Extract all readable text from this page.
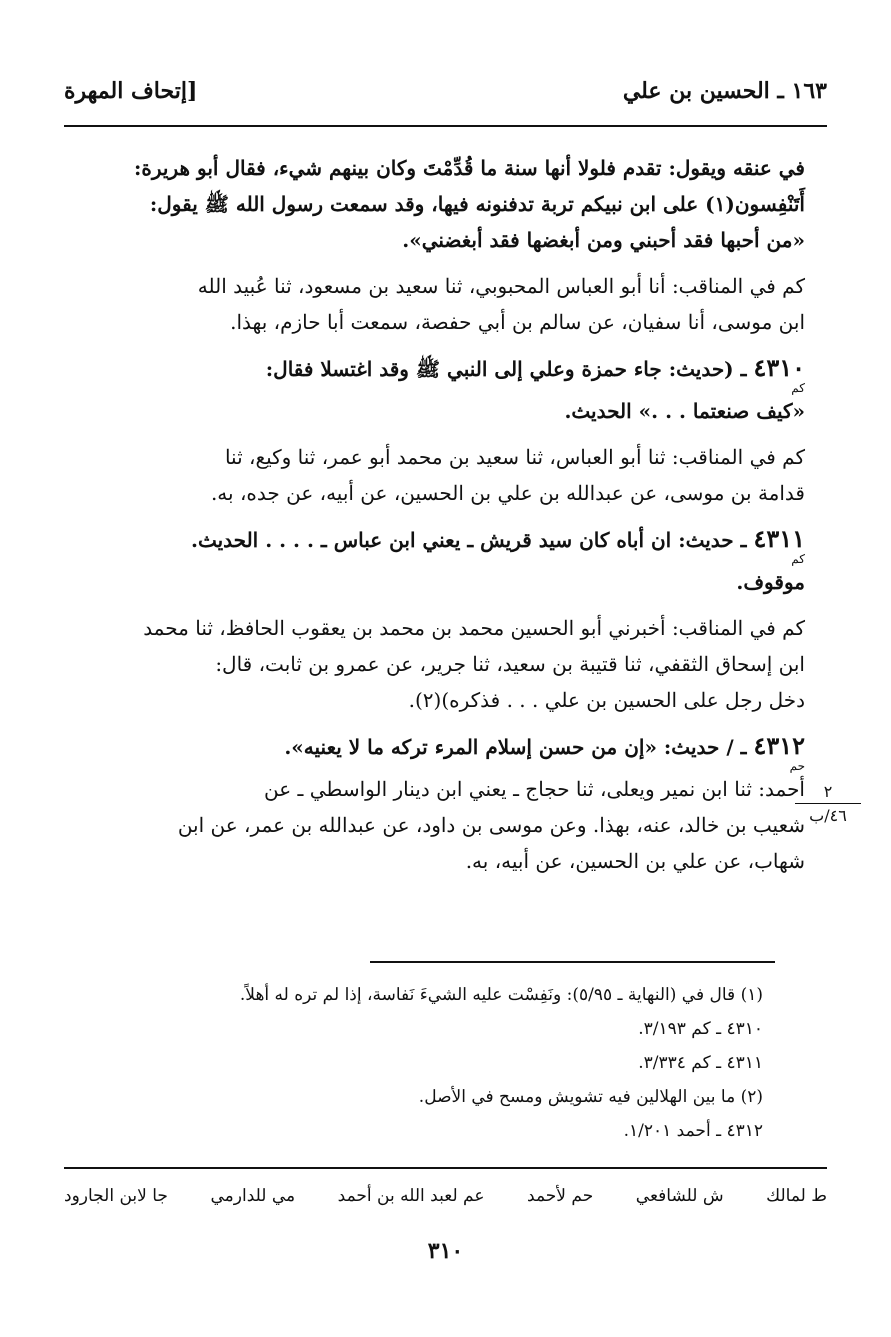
١٦٣ ـ الحسين بن علي
[إتحاف المهرة

في عنقه ويقول: تقدم فلولا أنها سنة ما قُدِّمْتَ وكان بينهم شيء، فقال أبو هريرة:

أَتَنْفِسون(١) على ابن نبيكم تربة تدفنونه فيها، وقد سمعت رسول الله ﷺ يقول:

«من أحبها فقد أحبني ومن أبغضها فقد أبغضني».

كم في المناقب: أنا أبو العباس المحبوبي، ثنا سعيد بن مسعود، ثنا عُبيد الله

ابن موسى، أنا سفيان، عن سالم بن أبي حفصة، سمعت أبا حازم، بهذا.

٤٣١٠ ـ (حديث: جاء حمزة وعلي إلى النبي ﷺ وقد اغتسلا فقال:

كم

«كيف صنعتما . . .» الحديث.

كم في المناقب: ثنا أبو العباس، ثنا سعيد بن محمد أبو عمر، ثنا وكيع، ثنا

قدامة بن موسى، عن عبدالله بن علي بن الحسين، عن أبيه، عن جده، به.

٤٣١١ ـ حديث: ان أباه كان سيد قريش ـ يعني ابن عباس ـ . . . . الحديث.

كم

موقوف.

كم في المناقب: أخبرني أبو الحسين محمد بن محمد بن يعقوب الحافظ، ثنا محمد

ابن إسحاق الثقفي، ثنا قتيبة بن سعيد، ثنا جرير، عن عمرو بن ثابت، قال:

دخل رجل على الحسين بن علي . . . فذكره)(٢).

٤٣١٢ ـ / حديث: «إن من حسن إسلام المرء تركه ما لا يعنيه».

حم

أحمد: ثنا ابن نمير ويعلى، ثنا حجاج ـ يعني ابن دينار الواسطي ـ عن

شعيب بن خالد، عنه، بهذا. وعن موسى بن داود، عن عبدالله بن عمر، عن ابن

شهاب، عن علي بن الحسين، عن أبيه، به.

٢
٤٦/ب
(١) قال في (النهاية ـ ٥/٩٥): ونَفِسْت عليه الشيءَ نَفاسة، إذا لم تره له أهلاً.
٤٣١٠ ـ كم ٣/١٩٣.
٤٣١١ ـ كم ٣/٣٣٤.
(٢) ما بين الهلالين فيه تشويش ومسح في الأصل.
٤٣١٢ ـ أحمد ١/٢٠١.
ط لمالك
ش للشافعي
حم لأحمد
عم لعبد الله بن أحمد
مي للدارمي
جا لابن الجارود
٣١٠
